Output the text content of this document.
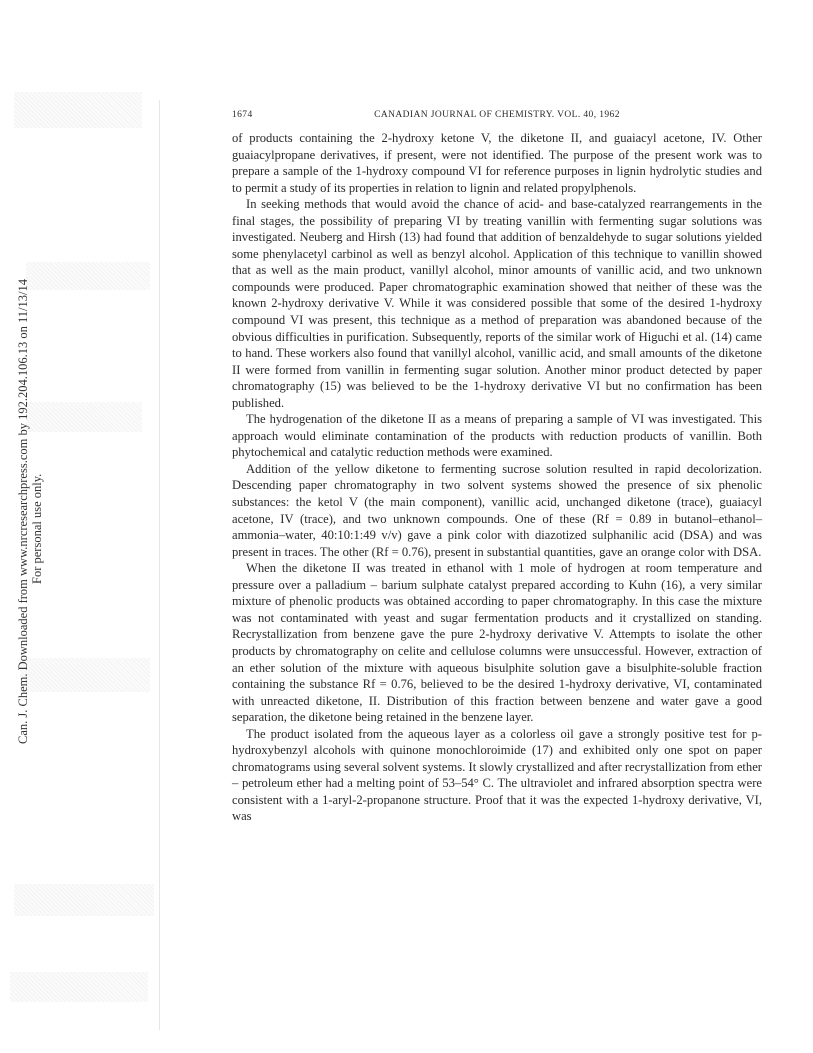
Can. J. Chem. Downloaded from www.nrcresearchpress.com by 192.204.106.13 on 11/13/14 For personal use only.
1674	CANADIAN JOURNAL OF CHEMISTRY. VOL. 40, 1962

of products containing the 2-hydroxy ketone V, the diketone II, and guaiacyl acetone, IV. Other guaiacylpropane derivatives, if present, were not identified. The purpose of the present work was to prepare a sample of the 1-hydroxy compound VI for reference purposes in lignin hydrolytic studies and to permit a study of its properties in relation to lignin and related propylphenols.

In seeking methods that would avoid the chance of acid- and base-catalyzed rearrangements in the final stages, the possibility of preparing VI by treating vanillin with fermenting sugar solutions was investigated. Neuberg and Hirsh (13) had found that addition of benzaldehyde to sugar solutions yielded some phenylacetyl carbinol as well as benzyl alcohol. Application of this technique to vanillin showed that as well as the main product, vanillyl alcohol, minor amounts of vanillic acid, and two unknown compounds were produced. Paper chromatographic examination showed that neither of these was the known 2-hydroxy derivative V. While it was considered possible that some of the desired 1-hydroxy compound VI was present, this technique as a method of preparation was abandoned because of the obvious difficulties in purification. Subsequently, reports of the similar work of Higuchi et al. (14) came to hand. These workers also found that vanillyl alcohol, vanillic acid, and small amounts of the diketone II were formed from vanillin in fermenting sugar solution. Another minor product detected by paper chromatography (15) was believed to be the 1-hydroxy derivative VI but no confirmation has been published.

The hydrogenation of the diketone II as a means of preparing a sample of VI was investigated. This approach would eliminate contamination of the products with reduction products of vanillin. Both phytochemical and catalytic reduction methods were examined.

Addition of the yellow diketone to fermenting sucrose solution resulted in rapid decolorization. Descending paper chromatography in two solvent systems showed the presence of six phenolic substances: the ketol V (the main component), vanillic acid, unchanged diketone (trace), guaiacyl acetone, IV (trace), and two unknown compounds. One of these (Rf = 0.89 in butanol–ethanol–ammonia–water, 40:10:1:49 v/v) gave a pink color with diazotized sulphanilic acid (DSA) and was present in traces. The other (Rf = 0.76), present in substantial quantities, gave an orange color with DSA.

When the diketone II was treated in ethanol with 1 mole of hydrogen at room temperature and pressure over a palladium – barium sulphate catalyst prepared according to Kuhn (16), a very similar mixture of phenolic products was obtained according to paper chromatography. In this case the mixture was not contaminated with yeast and sugar fermentation products and it crystallized on standing. Recrystallization from benzene gave the pure 2-hydroxy derivative V. Attempts to isolate the other products by chromatography on celite and cellulose columns were unsuccessful. However, extraction of an ether solution of the mixture with aqueous bisulphite solution gave a bisulphite-soluble fraction containing the substance Rf = 0.76, believed to be the desired 1-hydroxy derivative, VI, contaminated with unreacted diketone, II. Distribution of this fraction between benzene and water gave a good separation, the diketone being retained in the benzene layer.

The product isolated from the aqueous layer as a colorless oil gave a strongly positive test for p-hydroxybenzyl alcohols with quinone monochloroimide (17) and exhibited only one spot on paper chromatograms using several solvent systems. It slowly crystallized and after recrystallization from ether – petroleum ether had a melting point of 53–54° C. The ultraviolet and infrared absorption spectra were consistent with a 1-aryl-2-propanone structure. Proof that it was the expected 1-hydroxy derivative, VI, was
